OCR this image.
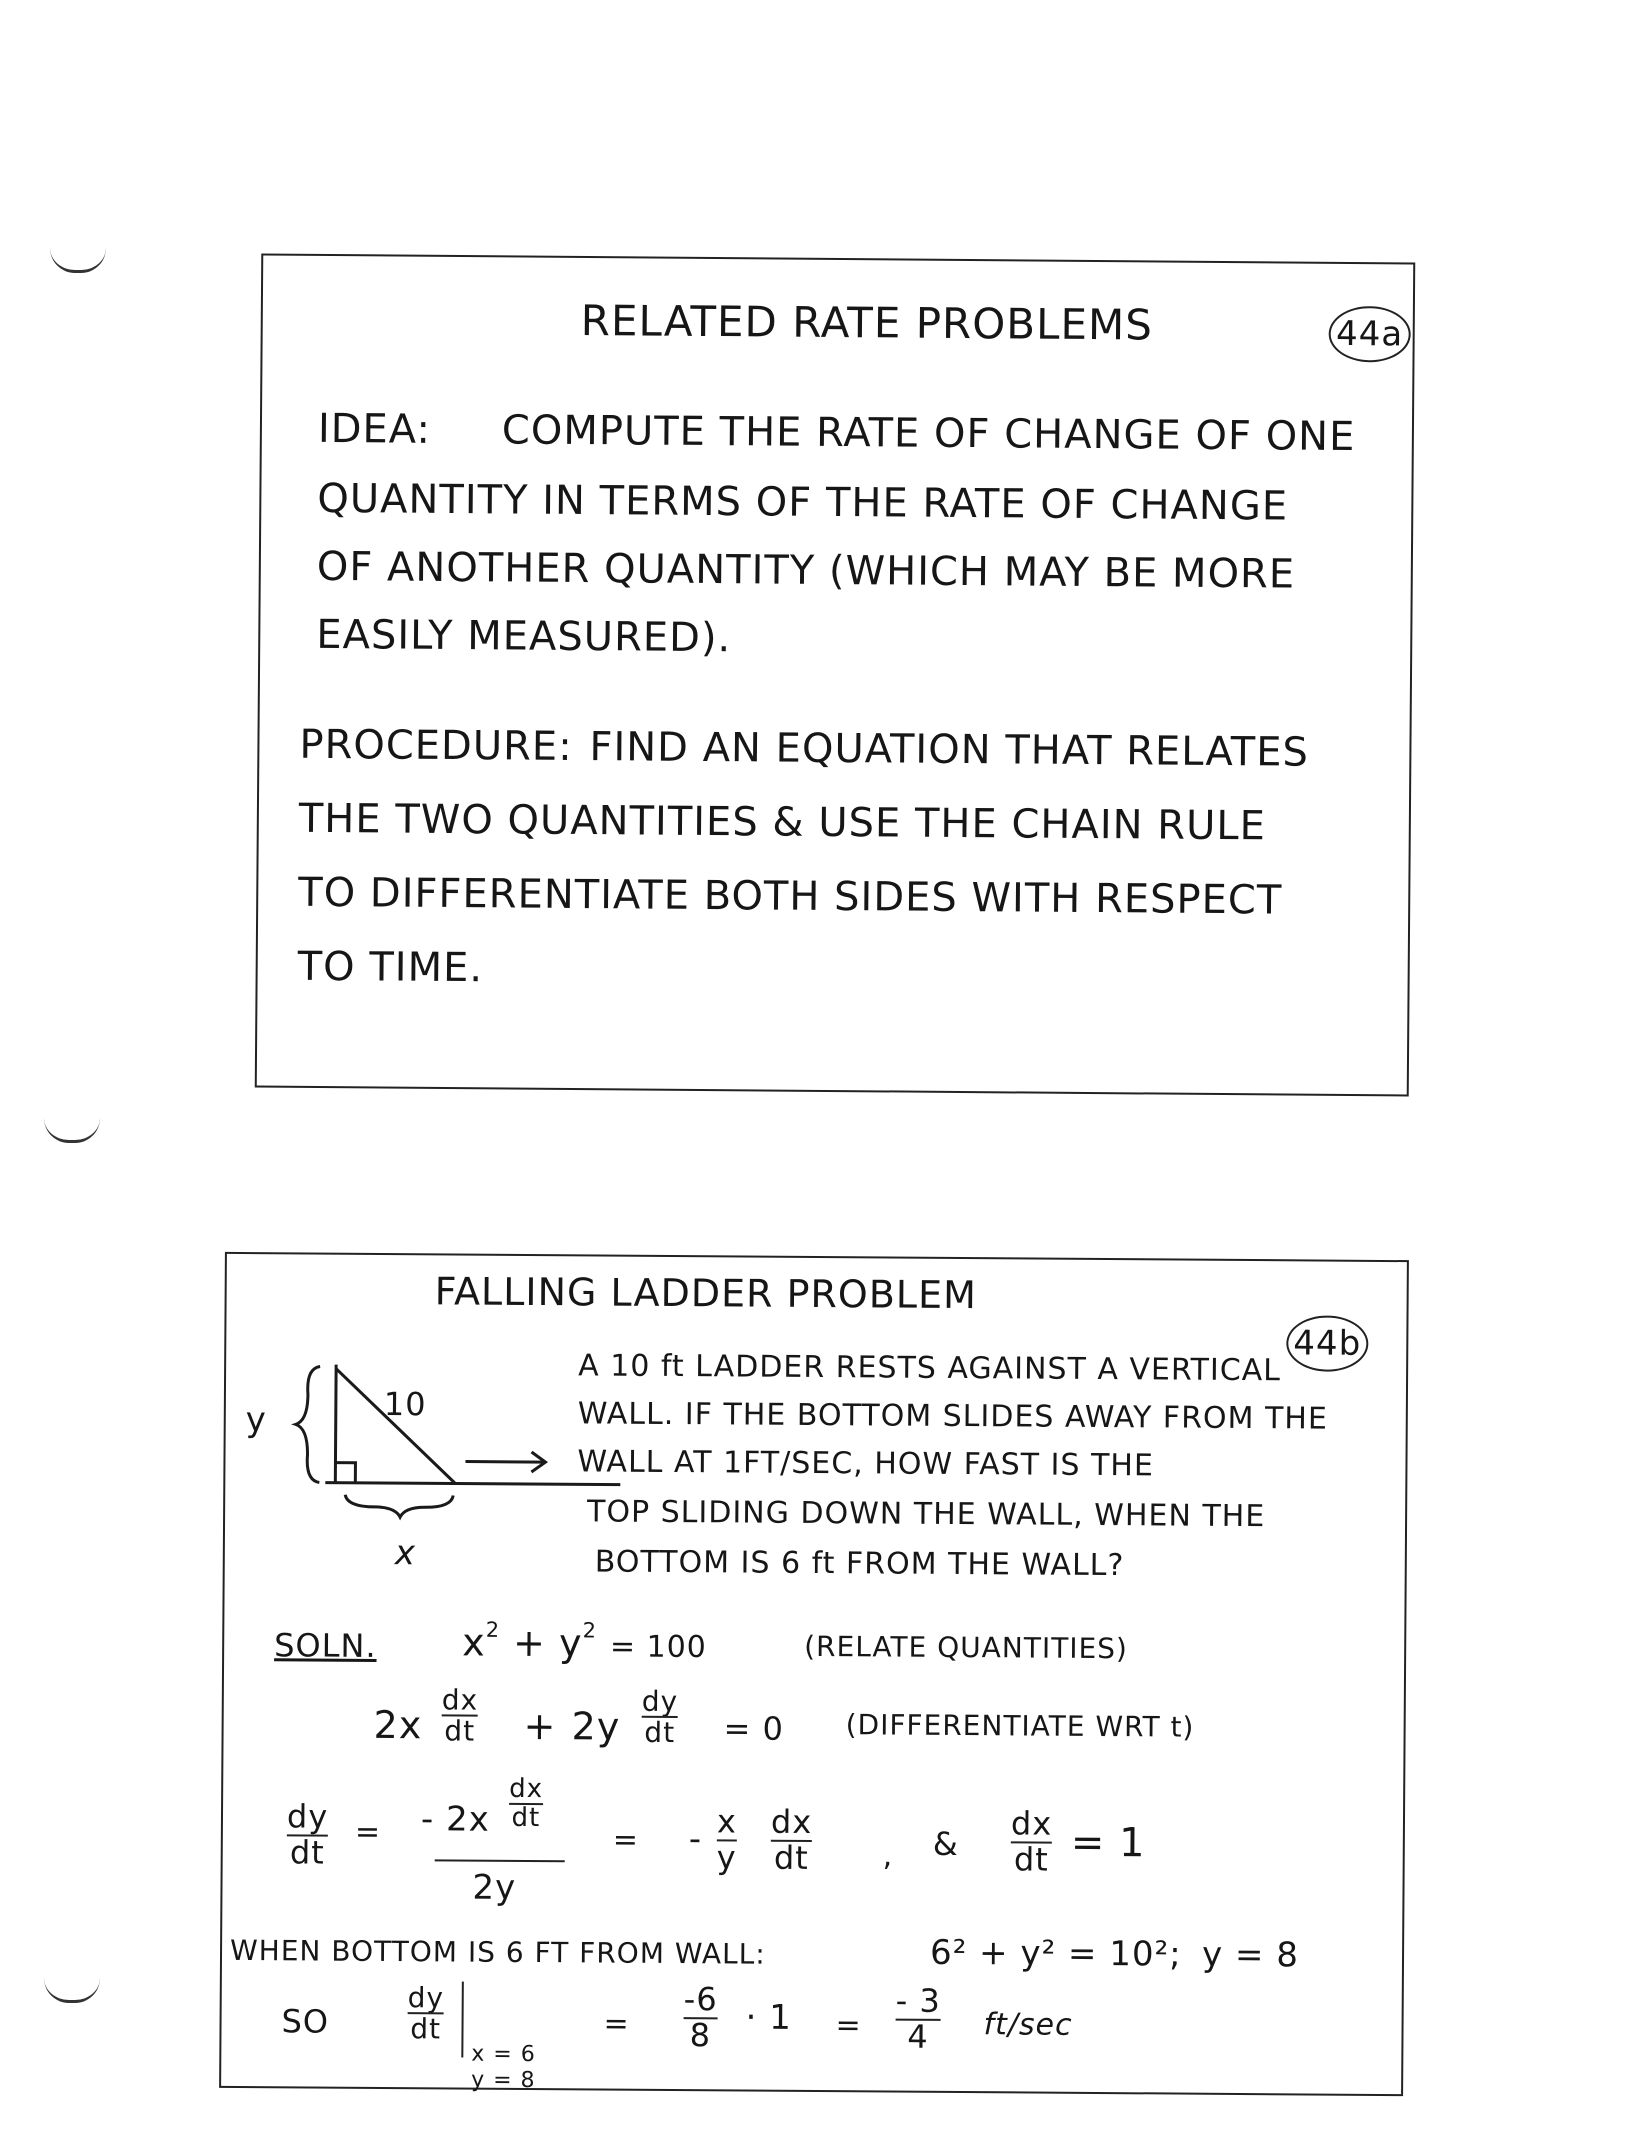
RELATED RATE PROBLEMS	44a
IDEA: COMPUTE THE RATE OF CHANGE OF ONE
QUANTITY IN TERMS OF THE RATE OF CHANGE
OF ANOTHER QUANTITY (WHICH MAY BE MORE
EASILY MEASURED).
PROCEDURE: FIND AN EQUATION THAT RELATES
THE TWO QUANTITIES & USE THE CHAIN RULE
TO DIFFERENTIATE BOTH SIDES WITH RESPECT
TO TIME.
FALLING LADDER PROBLEM
44b
10
y
x
A 10 ft LADDER RESTS AGAINST A VERTICAL
WALL. IF THE BOTTOM SLIDES AWAY FROM THE
WALL AT 1FT/SEC, HOW FAST IS THE
TOP SLIDING DOWN THE WALL, WHEN THE
BOTTOM IS 6 ft FROM THE WALL?
SOLN. $x^2 + y^2 = 100$	(RELATE QUANTITIES)
2x
dx
dt + 2y
dy
dt = 0 (DIFFERENTIATE WRT t)
dy
dt
= - 2x
dx
dt
2y
= - x
y
dx
dt , &
dx
dt = 1
WHEN BOTTOM IS 6 FT FROM WALL:	6² + y² = 10²; y = 8
SO
dy
dt
x = 6
y = 8
=
-6
8 · 1 =
- 3
4 ft/sec
